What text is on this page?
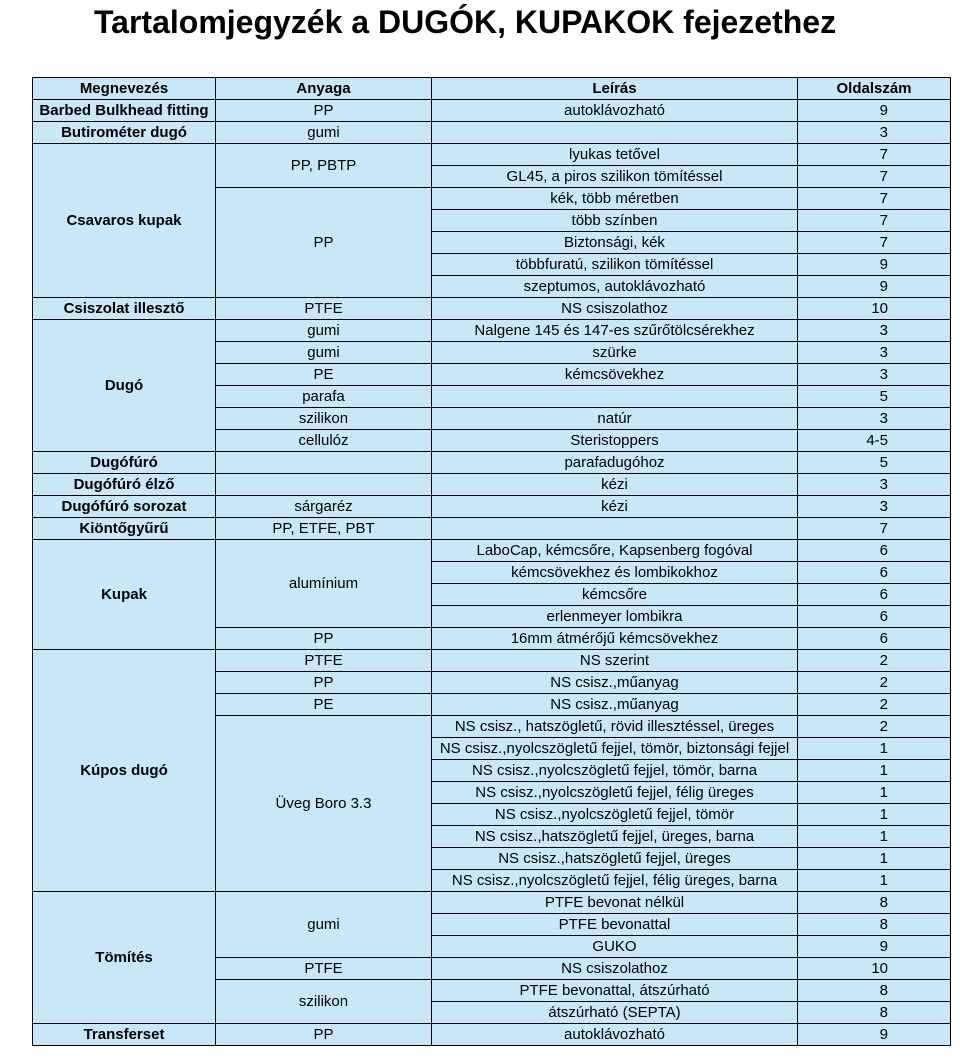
Tartalomjegyzék a DUGÓK, KUPAKOK fejezethez
Megnevezés	Anyaga	Leírás	Oldalszám
Barbed Bulkhead fitting	PP	autoklávozható	9
Butirométer dugó	gumi		3
Csavaros kupak	PP, PBTP	lyukas tetővel	7
		GL45, a piros szilikon tömítéssel	7
	PP	kék, több méretben	7
		több színben	7
		Biztonsági, kék	7
		többfuratú, szilikon tömítéssel	9
		szeptumos, autoklávozható	9
Csiszolat illesztő	PTFE	NS csiszolathoz	10
Dugó	gumi	Nalgene 145 és 147-es szűrőtölcsérekhez	3
	gumi	szürke	3
	PE	kémcsövekhez	3
	parafa		5
	szilikon	natúr	3
	cellulóz	Steristoppers	4-5
Dugófúró		parafadugóhoz	5
Dugófúró élző		kézi	3
Dugófúró sorozat	sárgaréz	kézi	3
Kiöntőgyűrű	PP, ETFE, PBT		7
Kupak	alumínium	LaboCap, kémcsőre, Kapsenberg fogóval	6
		kémcsövekhez és lombikokhoz	6
		kémcsőre	6
		erlenmeyer lombikra	6
	PP	16mm átmérőjű kémcsövekhez	6
Kúpos dugó	PTFE	NS szerint	2
	PP	NS csisz.,műanyag	2
	PE	NS csisz.,műanyag	2
	Üveg Boro 3.3	NS csisz., hatszögletű, rövid illesztéssel, üreges	2
		NS csisz.,nyolcszögletű fejjel, tömör, biztonsági fejjel	1
		NS csisz.,nyolcszögletű fejjel, tömör, barna	1
		NS csisz.,nyolcszögletű fejjel, félig üreges	1
		NS csisz.,nyolcszögletű fejjel, tömör	1
		NS csisz.,hatszögletű fejjel, üreges, barna	1
		NS csisz.,hatszögletű fejjel, üreges	1
		NS csisz.,nyolcszögletű fejjel, félig üreges, barna	1
Tömítés	gumi	PTFE bevonat nélkül	8
		PTFE bevonattal	8
		GUKO	9
	PTFE	NS csiszolathoz	10
	szilikon	PTFE bevonattal, átszúrható	8
		átszúrható (SEPTA)	8
Transferset	PP	autoklávozható	9
